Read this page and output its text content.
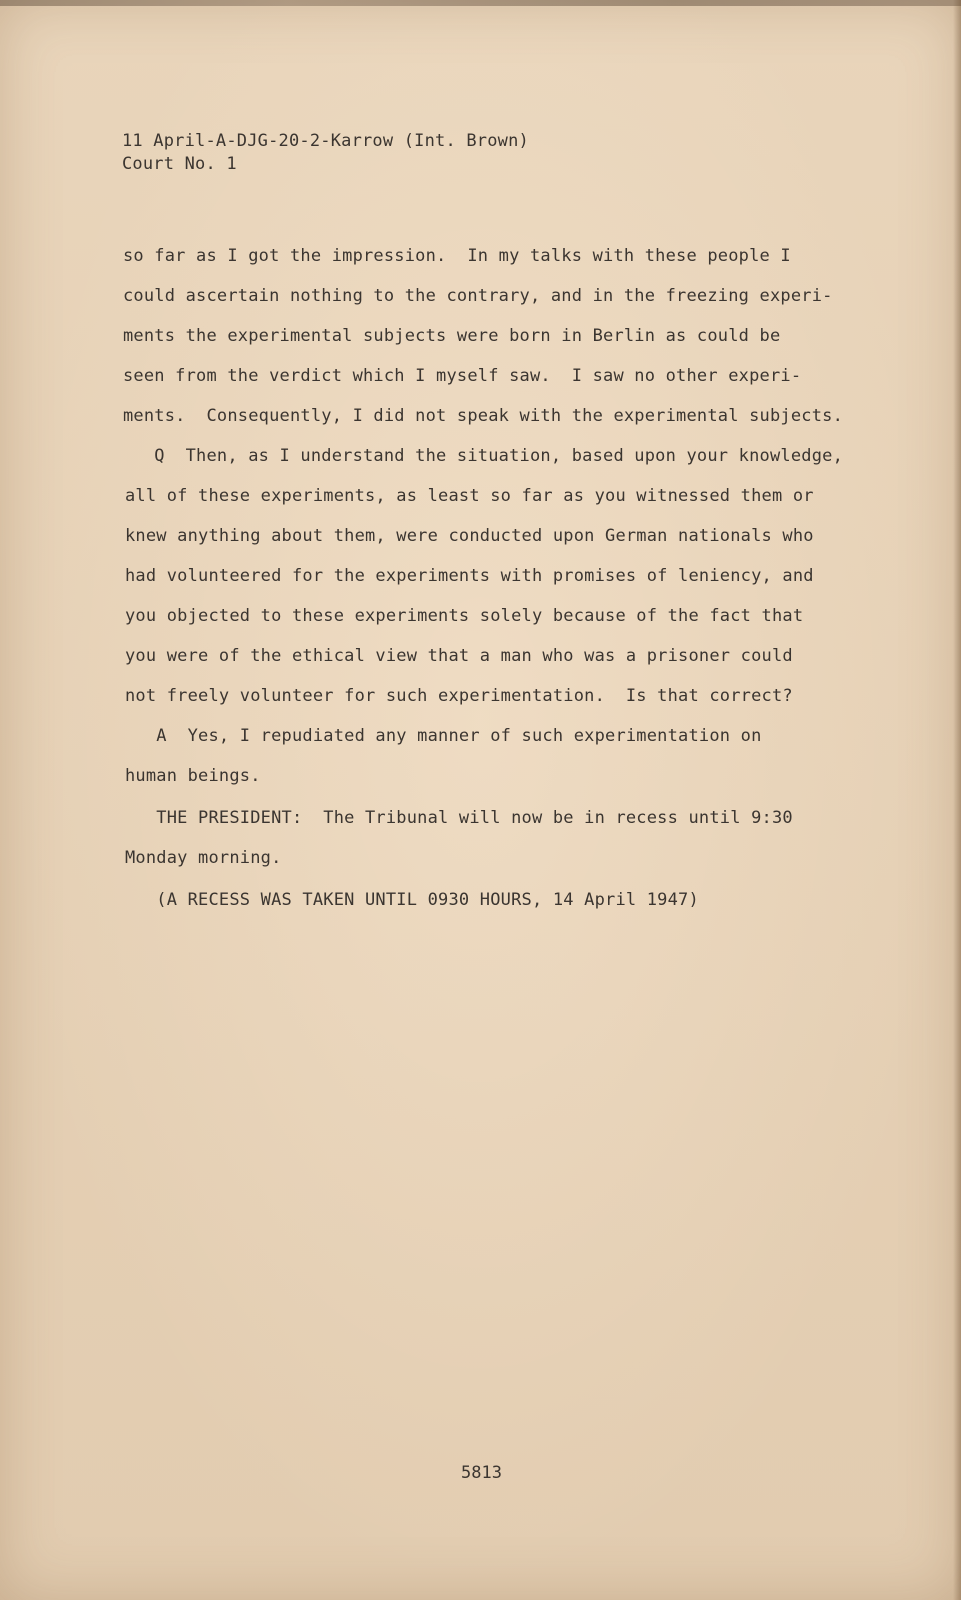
11 April-A-DJG-20-2-Karrow (Int. Brown)
Court No. 1
so far as I got the impression.  In my talks with these people I
could ascertain nothing to the contrary, and in the freezing experi-
ments the experimental subjects were born in Berlin as could be
seen from the verdict which I myself saw.  I saw no other experi-
ments.  Consequently, I did not speak with the experimental subjects.
Q  Then, as I understand the situation, based upon your knowledge,
all of these experiments, as least so far as you witnessed them or
knew anything about them, were conducted upon German nationals who
had volunteered for the experiments with promises of leniency, and
you objected to these experiments solely because of the fact that
you were of the ethical view that a man who was a prisoner could
not freely volunteer for such experimentation.  Is that correct?
A  Yes, I repudiated any manner of such experimentation on
human beings.
THE PRESIDENT:  The Tribunal will now be in recess until 9:30
Monday morning.
(A RECESS WAS TAKEN UNTIL 0930 HOURS, 14 April 1947)
5813
